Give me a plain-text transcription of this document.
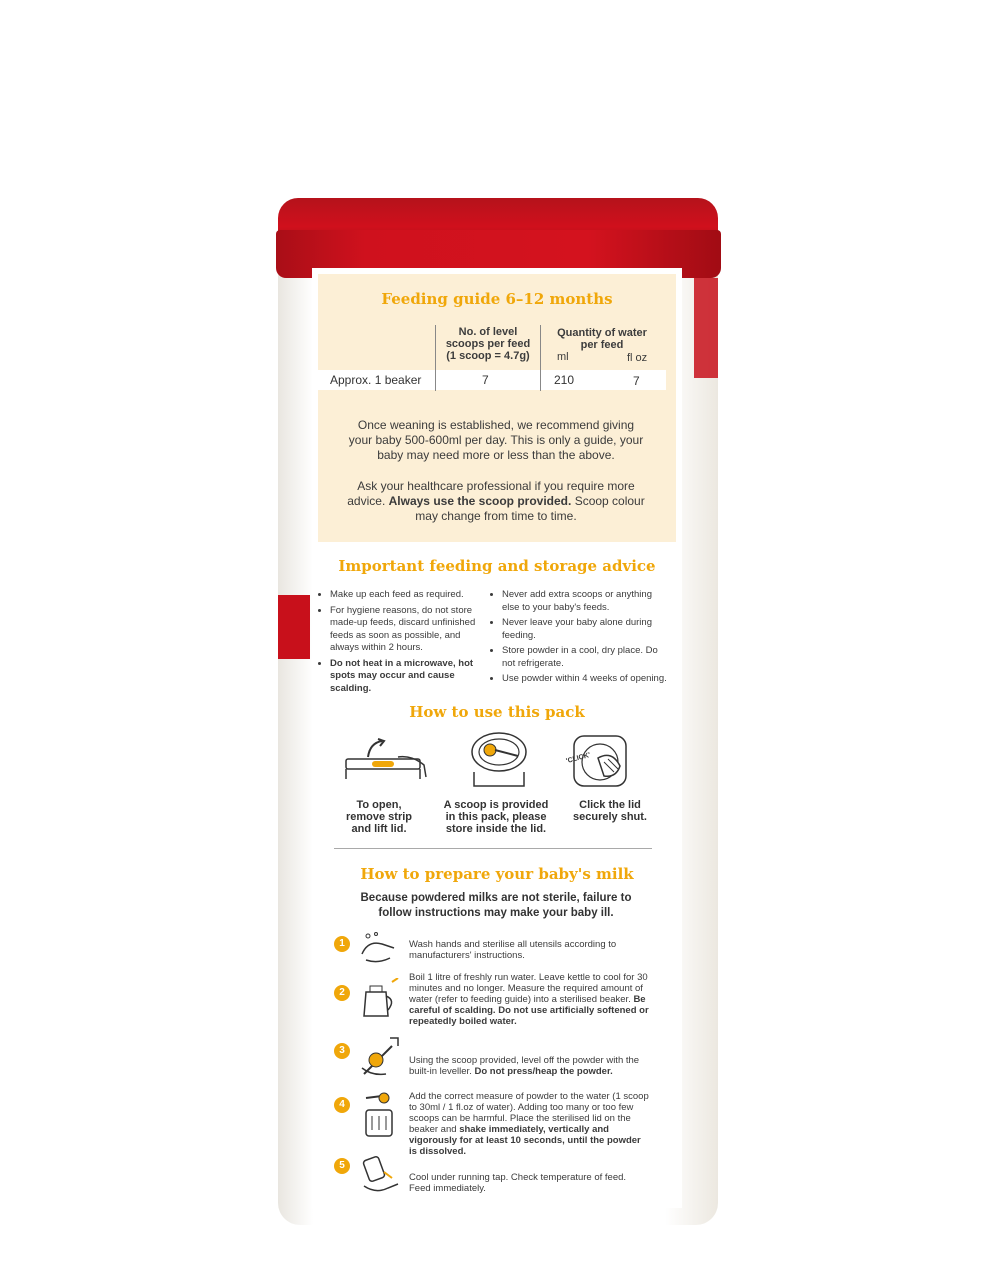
Feeding guide 6–12 months
No. of level scoops per feed (1 scoop = 4.7g)
Quantity of water per feed
ml	fl oz
Approx. 1 beaker	7	210	7
Once weaning is established, we recommend giving your baby 500-600ml per day. This is only a guide, your baby may need more or less than the above.
Ask your healthcare professional if you require more advice. Always use the scoop provided. Scoop colour may change from time to time.
Important feeding and storage advice
• Make up each feed as required.
• For hygiene reasons, do not store made-up feeds, discard unfinished feeds as soon as possible, and always within 2 hours.
• Do not heat in a microwave, hot spots may occur and cause scalding.
• Never add extra scoops or anything else to your baby's feeds.
• Never leave your baby alone during feeding.
• Store powder in a cool, dry place. Do not refrigerate.
• Use powder within 4 weeks of opening.
How to use this pack
'CLICK'
To open, remove strip and lift lid.
A scoop is provided in this pack, please store inside the lid.
Click the lid securely shut.
How to prepare your baby's milk
Because powdered milks are not sterile, failure to follow instructions may make your baby ill.
1	Wash hands and sterilise all utensils according to manufacturers' instructions.
2
Boil 1 litre of freshly run water. Leave kettle to cool for 30 minutes and no longer. Measure the required amount of water (refer to feeding guide) into a sterilised beaker. Be careful of scalding. Do not use artificially softened or repeatedly boiled water.
3
Using the scoop provided, level off the powder with the built-in leveller. Do not press/heap the powder.
4
Add the correct measure of powder to the water (1 scoop to 30ml / 1 fl.oz of water). Adding too many or too few scoops can be harmful. Place the sterilised lid on the beaker and shake immediately, vertically and vigorously for at least 10 seconds, until the powder is dissolved.
5
Cool under running tap. Check temperature of feed. Feed immediately.
